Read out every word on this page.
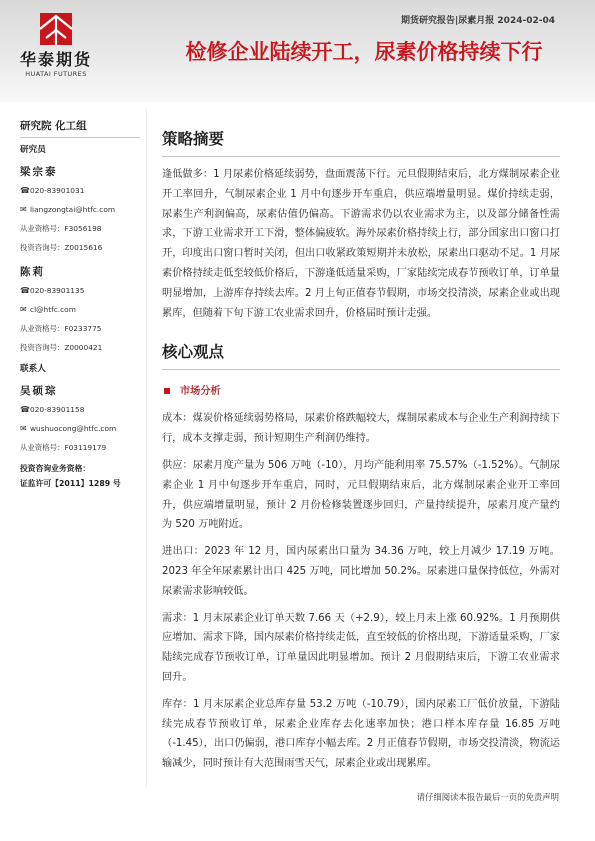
华泰期货
HUATAI FUTURES
期货研究报告|尿素月报 2024-02-04
检修企业陆续开工，尿素价格持续下行
研究院 化工组
研究员
梁宗泰
☎020-83901031
✉ liangzongtai@htfc.com
从业资格号：F3056198
投资咨询号：Z0015616
陈莉
☎020-83901135
✉ cl@htfc.com
从业资格号：F0233775
投资咨询号：Z0000421
联系人
吴硕琮
☎020-83901158
✉ wushuocong@htfc.com
从业资格号：F03119179
投资咨询业务资格：
证监许可【2011】1289 号
策略摘要

逢低做多：1 月尿素价格延续弱势，盘面震荡下行。元旦假期结束后，北方煤制尿素企业开工率回升，气制尿素企业 1 月中旬逐步开车重启，供应端增量明显。煤价持续走弱，尿素生产利润偏高，尿素估值仍偏高。下游需求仍以农业需求为主，以及部分储备性需求，下游工业需求开工下滑，整体偏疲软。海外尿素价格持续上行，部分国家出口窗口打开，印度出口窗口暂时关闭，但出口收紧政策短期并未放松，尿素出口驱动不足。1 月尿素价格持续走低至较低价格后，下游逢低适量采购，厂家陆续完成春节预收订单，订单量明显增加，上游库存持续去库。2 月上旬正值春节假期，市场交投清淡，尿素企业或出现累库，但随着下旬下游工农业需求回升，价格届时预计走强。

核心观点
市场分析

成本：煤炭价格延续弱势格局，尿素价格跌幅较大，煤制尿素成本与企业生产利润持续下行，成本支撑走弱，预计短期生产利润仍维持。

供应：尿素月度产量为 506 万吨（-10），月均产能利用率 75.57%（-1.52%）。气制尿素企业 1 月中旬逐步开车重启，同时，元旦假期结束后，北方煤制尿素企业开工率回升，供应端增量明显，预计 2 月份检修装置逐步回归，产量持续提升，尿素月度产量约为 520 万吨附近。

进出口：2023 年 12 月，国内尿素出口量为 34.36 万吨，较上月减少 17.19 万吨。2023 年全年尿素累计出口 425 万吨，同比增加 50.2%。尿素进口量保持低位，外需对尿素需求影响较低。

需求：1 月末尿素企业订单天数 7.66 天（+2.9），较上月末上涨 60.92%。1 月预期供应增加、需求下降，国内尿素价格持续走低，直至较低的价格出现，下游适量采购，厂家陆续完成春节预收订单，订单量因此明显增加。预计 2 月假期结束后，下游工农业需求回升。

库存：1 月末尿素企业总库存量 53.2 万吨（-10.79），国内尿素工厂低价放量，下游陆续完成春节预收订单，尿素企业库存去化速率加快；港口样本库存量 16.85 万吨（-1.45），出口仍偏弱，港口库存小幅去库。2 月正值春节假期，市场交投清淡，物流运输减少，同时预计有大范围雨雪天气，尿素企业或出现累库。

请仔细阅读本报告最后一页的免责声明
